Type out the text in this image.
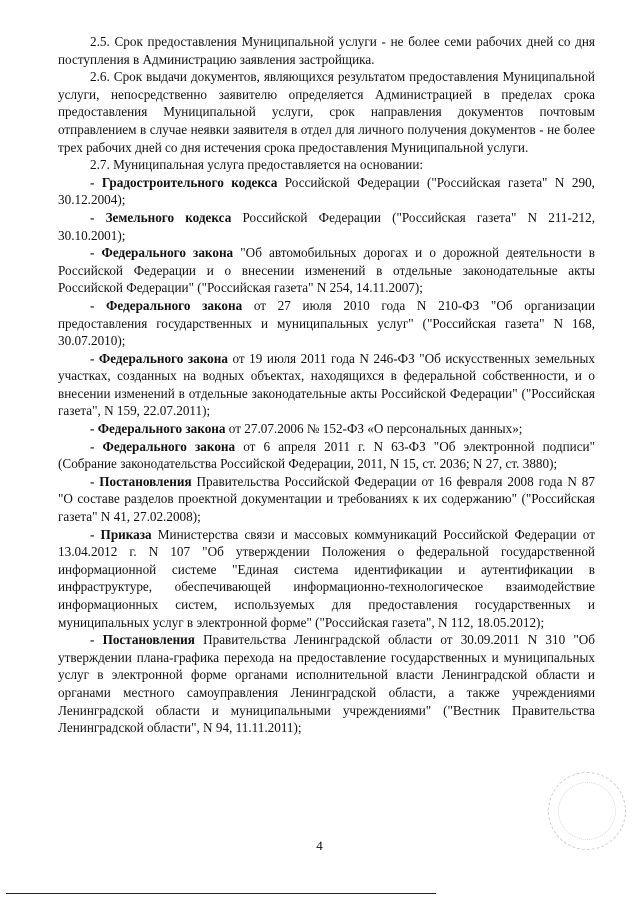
2.5. Срок предоставления Муниципальной услуги - не более семи рабочих дней со дня поступления в Администрацию заявления застройщика.

2.6. Срок выдачи документов, являющихся результатом предоставления Муниципальной услуги, непосредственно заявителю определяется Администрацией в пределах срока предоставления Муниципальной услуги, срок направления документов почтовым отправлением в случае неявки заявителя в отдел для личного получения документов - не более трех рабочих дней со дня истечения срока предоставления Муниципальной услуги.

2.7. Муниципальная услуга предоставляется на основании:

- Градостроительного кодекса Российской Федерации ("Российская газета" N 290, 30.12.2004);

- Земельного кодекса Российской Федерации ("Российская газета" N 211-212, 30.10.2001);

- Федерального закона "Об автомобильных дорогах и о дорожной деятельности в Российской Федерации и о внесении изменений в отдельные законодательные акты Российской Федерации" ("Российская газета" N 254, 14.11.2007);

- Федерального закона от 27 июля 2010 года N 210-ФЗ "Об организации предоставления государственных и муниципальных услуг" ("Российская газета" N 168, 30.07.2010);

- Федерального закона от 19 июля 2011 года N 246-ФЗ "Об искусственных земельных участках, созданных на водных объектах, находящихся в федеральной собственности, и о внесении изменений в отдельные законодательные акты Российской Федерации" ("Российская газета", N 159, 22.07.2011);

- Федерального закона от 27.07.2006 № 152-ФЗ «О персональных данных»;

- Федерального закона от 6 апреля 2011 г. N 63-ФЗ "Об электронной подписи" (Собрание законодательства Российской Федерации, 2011, N 15, ст. 2036; N 27, ст. 3880);

- Постановления Правительства Российской Федерации от 16 февраля 2008 года N 87 "О составе разделов проектной документации и требованиях к их содержанию" ("Российская газета" N 41, 27.02.2008);

- Приказа Министерства связи и массовых коммуникаций Российской Федерации от 13.04.2012 г. N 107 "Об утверждении Положения о федеральной государственной информационной системе "Единая система идентификации и аутентификации в инфраструктуре, обеспечивающей информационно-технологическое взаимодействие информационных систем, используемых для предоставления государственных и муниципальных услуг в электронной форме" ("Российская газета", N 112, 18.05.2012);

- Постановления Правительства Ленинградской области от 30.09.2011 N 310 "Об утверждении плана-графика перехода на предоставление государственных и муниципальных услуг в электронной форме органами исполнительной власти Ленинградской области и органами местного самоуправления Ленинградской области, а также учреждениями Ленинградской области и муниципальными учреждениями" ("Вестник Правительства Ленинградской области", N 94, 11.11.2011);

4
